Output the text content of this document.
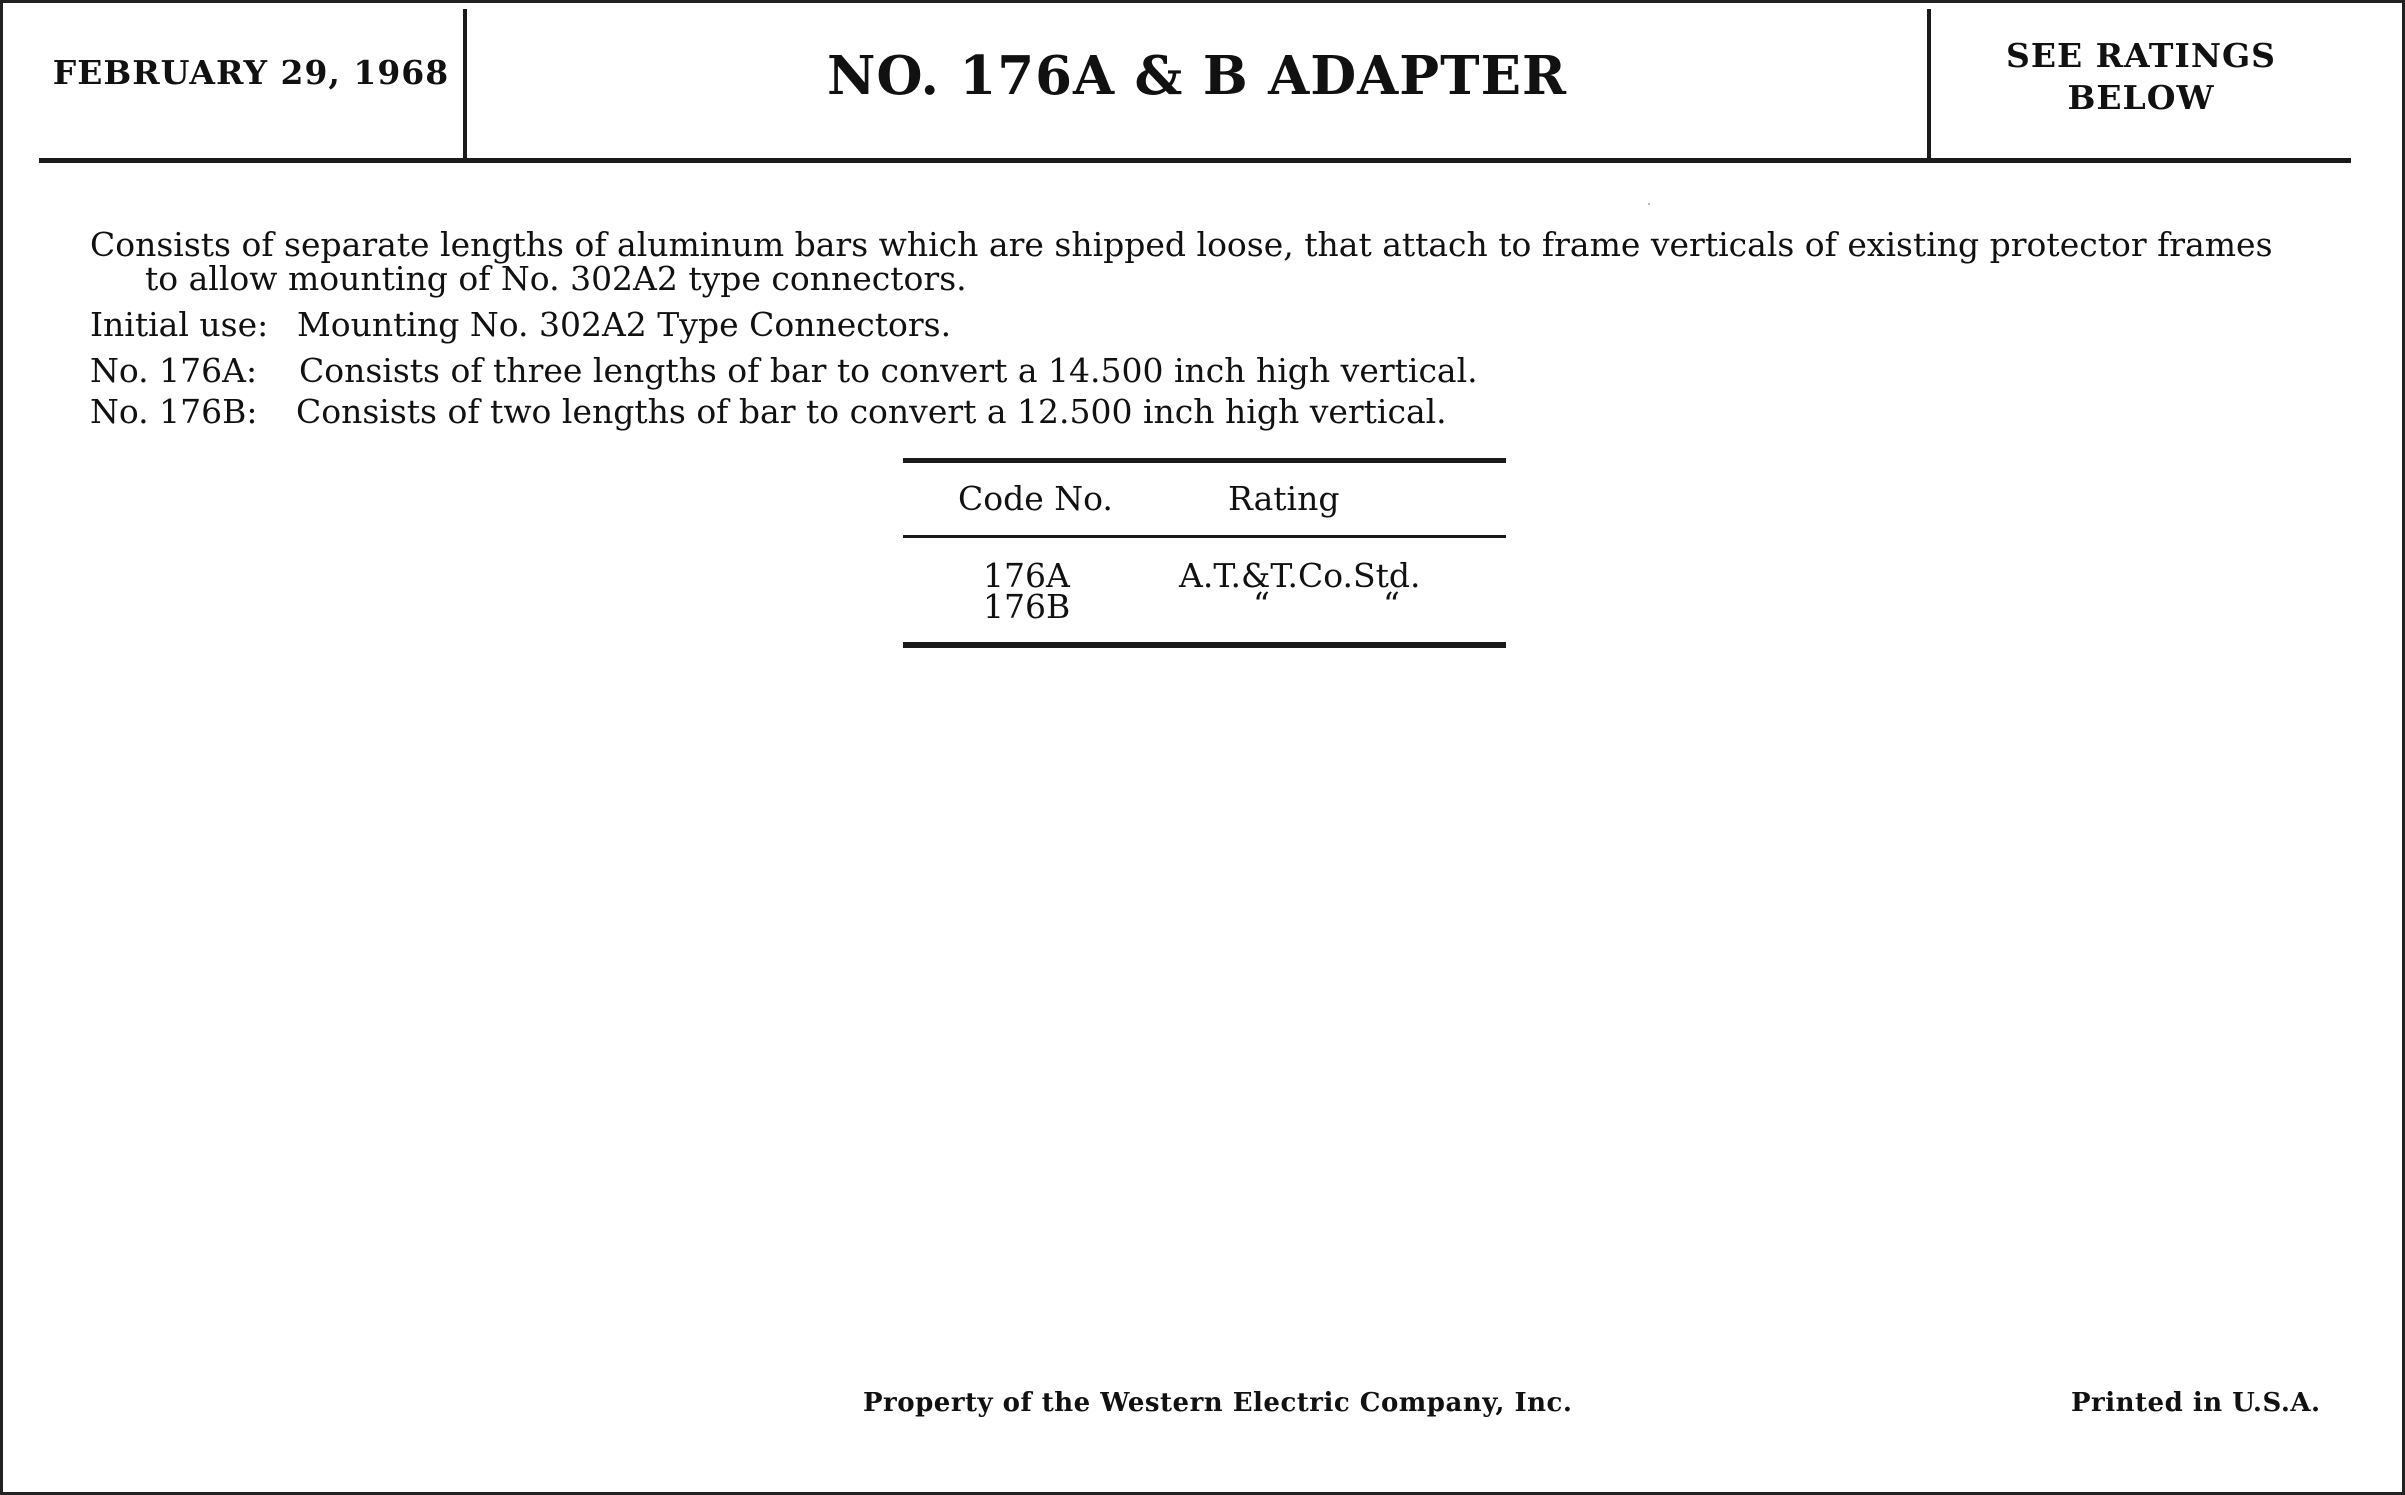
FEBRUARY 29, 1968	NO. 176A & B ADAPTER	SEE RATINGS
BELOW

Consists of separate lengths of aluminum bars which are shipped loose, that attach to frame verticals of existing protector frames
to allow mounting of No. 302A2 type connectors.

Initial use: Mounting No. 302A2 Type Connectors.
No. 176A: Consists of three lengths of bar to convert a 14.500 inch high vertical.
No. 176B: Consists of two lengths of bar to convert a 12.500 inch high vertical.
Code No.	Rating
176A	A.T.&T.Co.Std.
176B	“	“
Property of the Western Electric Company, Inc.	Printed in U.S.A.
